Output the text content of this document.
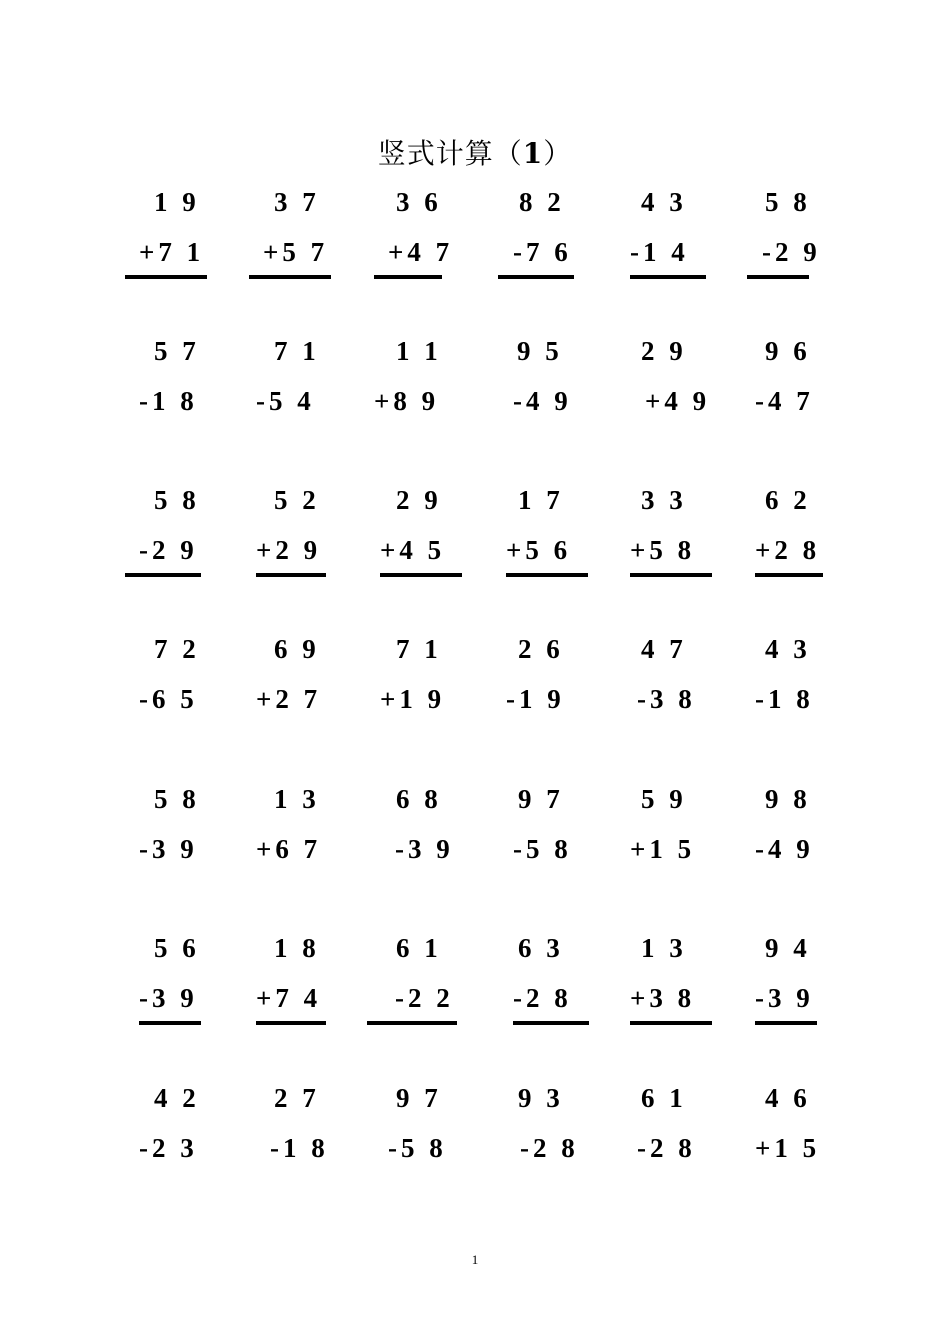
竖式计算（1）
1 9
+7 1
3 7
+5 7
3 6
+4 7
8 2
-7 6
4 3
-1 4
5 8
-2 9
5 7
-1 8
7 1
-5 4
1 1
+8 9
9 5
-4 9
2 9
+4 9
9 6
-4 7
5 8
-2 9
5 2
+2 9
2 9
+4 5
1 7
+5 6
3 3
+5 8
6 2
+2 8
7 2
-6 5
6 9
+2 7
7 1
+1 9
2 6
-1 9
4 7
-3 8
4 3
-1 8
5 8
-3 9
1 3
+6 7
6 8
-3 9
9 7
-5 8
5 9
+1 5
9 8
-4 9
5 6
-3 9
1 8
+7 4
6 1
-2 2
6 3
-2 8
1 3
+3 8
9 4
-3 9
4 2
-2 3
2 7
-1 8
9 7
-5 8
9 3
-2 8
6 1
-2 8
4 6
+1 5
1
